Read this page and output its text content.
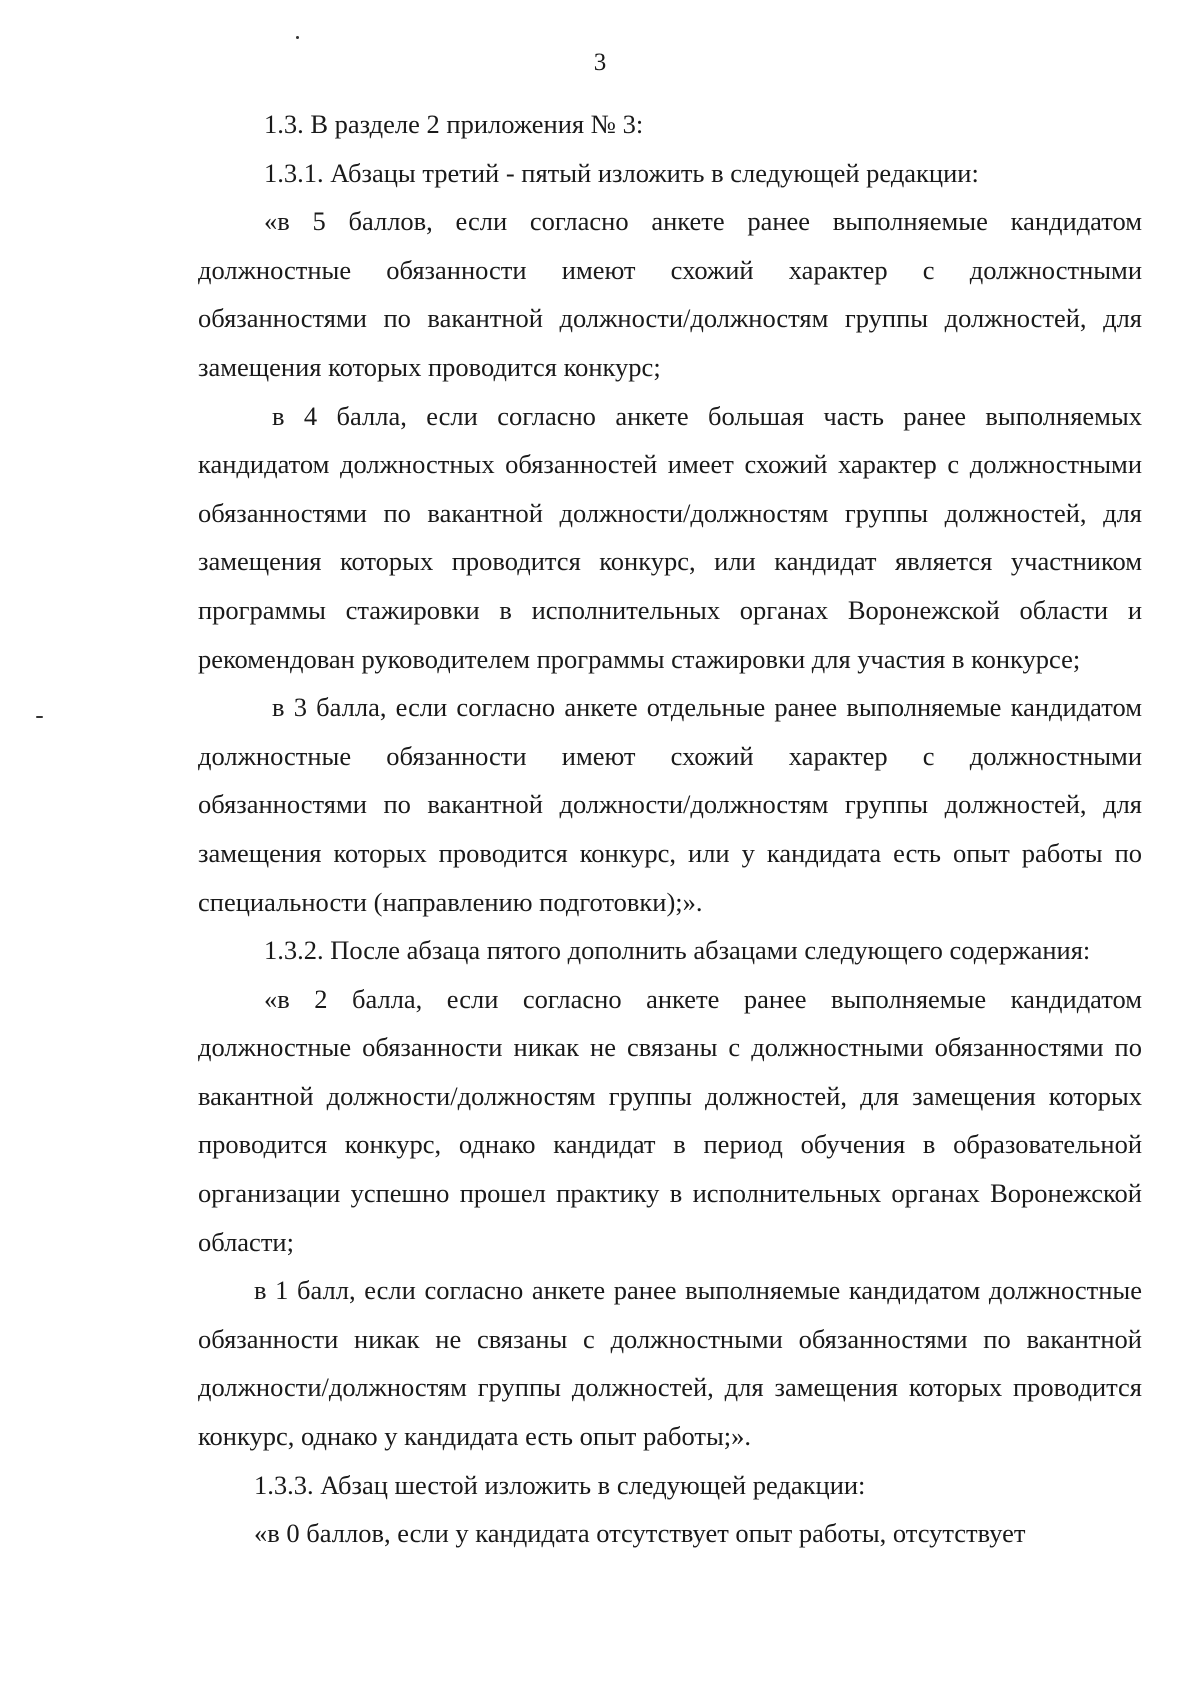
3

1.3. В разделе 2 приложения № 3:

1.3.1. Абзацы третий - пятый изложить в следующей редакции:

«в 5 баллов, если согласно анкете ранее выполняемые кандидатом должностные обязанности имеют схожий характер с должностными обязанностями по вакантной должности/должностям группы должностей, для замещения которых проводится конкурс;

в 4 балла, если согласно анкете большая часть ранее выполняемых кандидатом должностных обязанностей имеет схожий характер с должностными обязанностями по вакантной должности/должностям группы должностей, для замещения которых проводится конкурс, или кандидат является участником программы стажировки в исполнительных органах Воронежской области и рекомендован руководителем программы стажировки для участия в конкурсе;

в 3 балла, если согласно анкете отдельные ранее выполняемые кандидатом должностные обязанности имеют схожий характер с должностными обязанностями по вакантной должности/должностям группы должностей, для замещения которых проводится конкурс, или у кандидата есть опыт работы по специальности (направлению подготовки);».

1.3.2. После абзаца пятого дополнить абзацами следующего содержания:

«в 2 балла, если согласно анкете ранее выполняемые кандидатом должностные обязанности никак не связаны с должностными обязанностями по вакантной должности/должностям группы должностей, для замещения которых проводится конкурс, однако кандидат в период обучения в образовательной организации успешно прошел практику в исполнительных органах Воронежской области;

в 1 балл, если согласно анкете ранее выполняемые кандидатом должностные обязанности никак не связаны с должностными обязанностями по вакантной должности/должностям группы должностей, для замещения которых проводится конкурс, однако у кандидата есть опыт работы;».

1.3.3. Абзац шестой изложить в следующей редакции:

«в 0 баллов, если у кандидата отсутствует опыт работы, отсутствует
